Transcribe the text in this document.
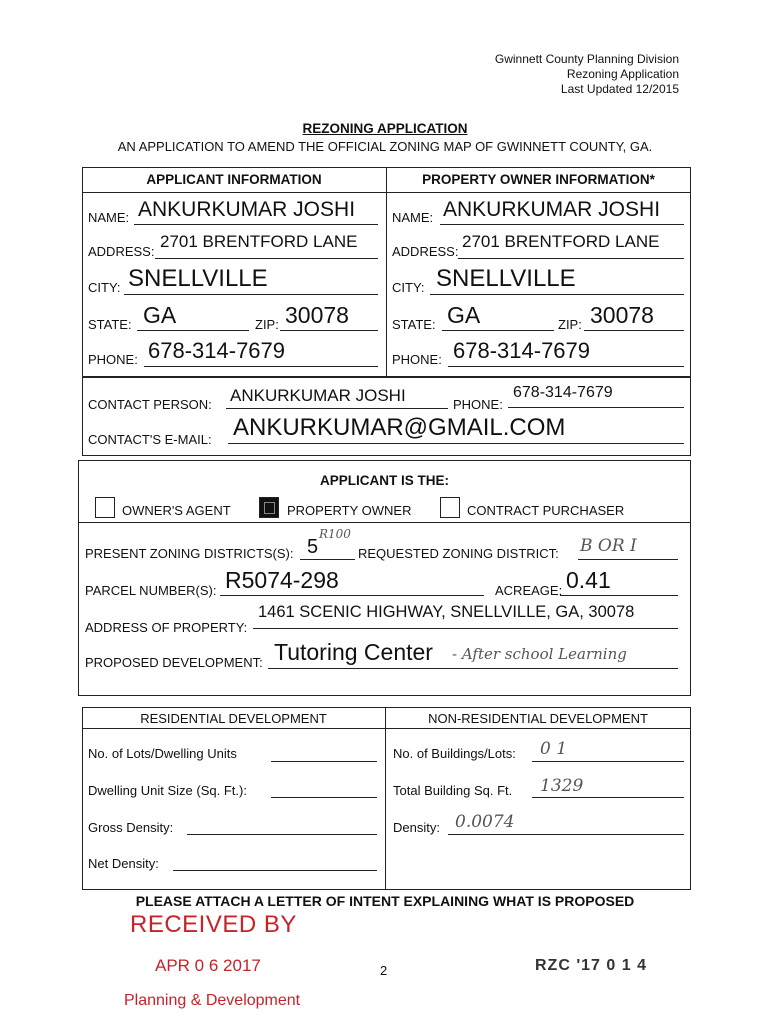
Gwinnett County Planning Division
Rezoning Application
Last Updated 12/2015
REZONING APPLICATION
AN APPLICATION TO AMEND THE OFFICIAL ZONING MAP OF GWINNETT COUNTY, GA.
APPLICANT INFORMATION
NAME: ANKURKUMAR JOSHI
ADDRESS:
2701 BRENTFORD LANE
CITY: SNELLVILLE
STATE: GA	ZIP: 30078
PHONE: 678-314-7679
PROPERTY OWNER INFORMATION*
NAME: ANKURKUMAR JOSHI
ADDRESS:
2701 BRENTFORD LANE
CITY: SNELLVILLE
STATE: GA	ZIP: 30078
PHONE: 678-314-7679
CONTACT PERSON: ANKURKUMAR JOSHI	PHONE:
678-314-7679
CONTACT'S E-MAIL: ANKURKUMAR@GMAIL.COM
APPLICANT IS THE:
OWNER'S AGENT	PROPERTY OWNER	CONTRACT PURCHASER
PRESENT ZONING DISTRICTS(S): 5
R100
REQUESTED ZONING DISTRICT: B OR I
PARCEL NUMBER(S): R5074-298	ACREAGE: 0.41
ADDRESS OF PROPERTY:
1461 SCENIC HIGHWAY, SNELLVILLE, GA, 30078
PROPOSED DEVELOPMENT: Tutoring Center - After school Learning
RESIDENTIAL DEVELOPMENT	NON-RESIDENTIAL DEVELOPMENT
No. of Lots/Dwelling Units
Dwelling Unit Size (Sq. Ft.):
Gross Density:
Net Density:
No. of Buildings/Lots: 0 1
Total Building Sq. Ft. 1329
Density: 0.0074
PLEASE ATTACH A LETTER OF INTENT EXPLAINING WHAT IS PROPOSED
RECEIVED BY
APR 0 6 2017
Planning & Development
2	RZC '17 0 1 4
